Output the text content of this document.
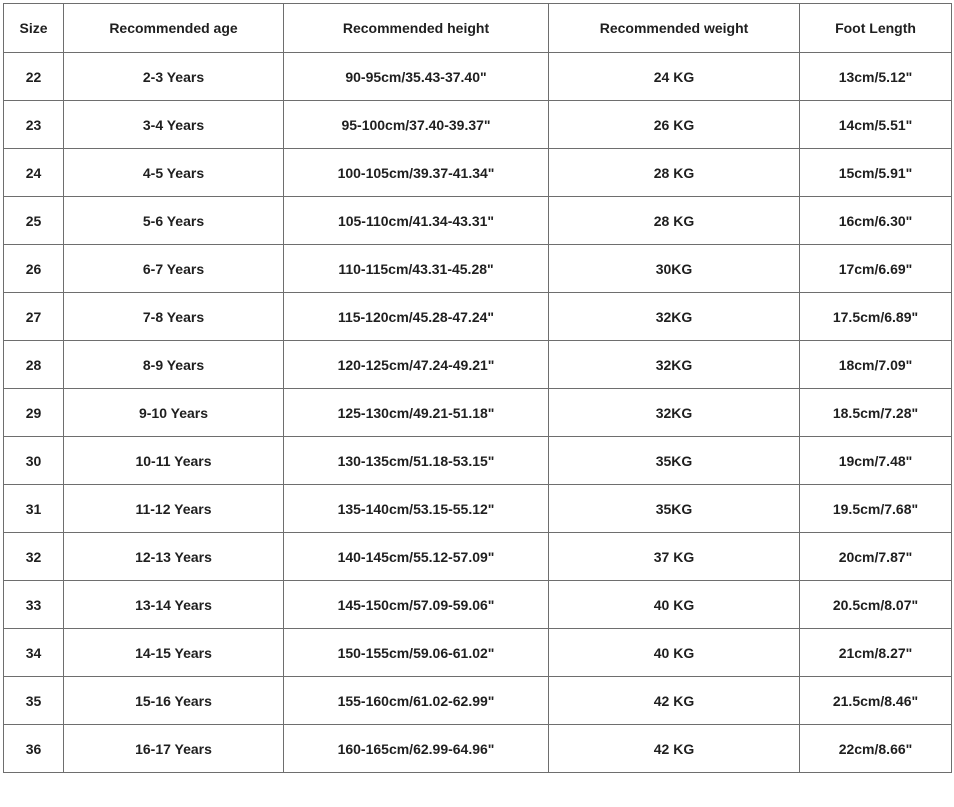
Size	Recommended age	Recommended height	Recommended weight	Foot Length
22	2-3 Years	90-95cm/35.43-37.40"	24 KG	13cm/5.12"
23	3-4 Years	95-100cm/37.40-39.37"	26 KG	14cm/5.51"
24	4-5 Years	100-105cm/39.37-41.34"	28 KG	15cm/5.91"
25	5-6 Years	105-110cm/41.34-43.31"	28 KG	16cm/6.30"
26	6-7 Years	110-115cm/43.31-45.28"	30KG	17cm/6.69"
27	7-8 Years	115-120cm/45.28-47.24"	32KG	17.5cm/6.89"
28	8-9 Years	120-125cm/47.24-49.21"	32KG	18cm/7.09"
29	9-10 Years	125-130cm/49.21-51.18"	32KG	18.5cm/7.28"
30	10-11 Years	130-135cm/51.18-53.15"	35KG	19cm/7.48"
31	11-12 Years	135-140cm/53.15-55.12"	35KG	19.5cm/7.68"
32	12-13 Years	140-145cm/55.12-57.09"	37 KG	20cm/7.87"
33	13-14 Years	145-150cm/57.09-59.06"	40 KG	20.5cm/8.07"
34	14-15 Years	150-155cm/59.06-61.02"	40 KG	21cm/8.27"
35	15-16 Years	155-160cm/61.02-62.99"	42 KG	21.5cm/8.46"
36	16-17 Years	160-165cm/62.99-64.96"	42 KG	22cm/8.66"
